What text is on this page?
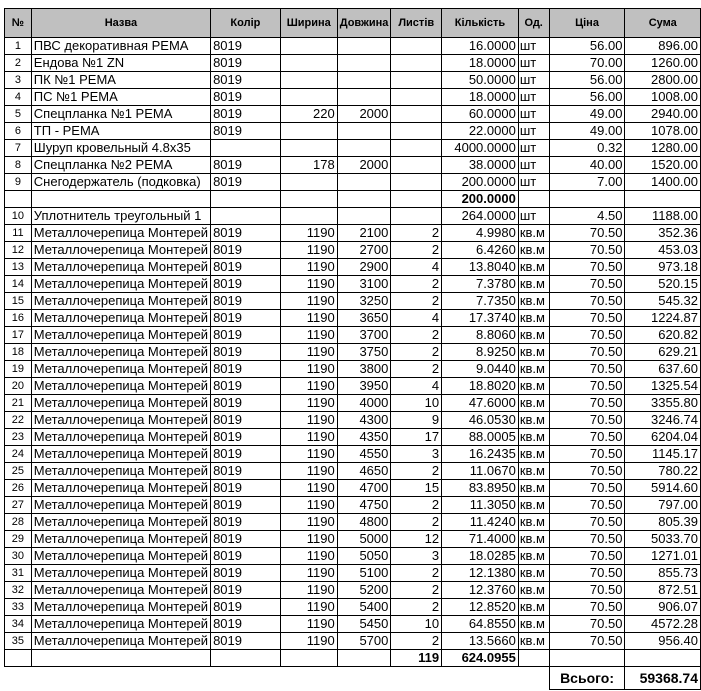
№	Назва	Колір	Ширина	Довжина	Листів	Кількість	Од.	Ціна	Сума
1	ПВС декоративная РЕМА	8019				16.0000	шт	56.00	896.00
2	Ендова №1 ZN	8019				18.0000	шт	70.00	1260.00
3	ПК №1 РЕМА	8019				50.0000	шт	56.00	2800.00
4	ПС №1 РЕМА	8019				18.0000	шт	56.00	1008.00
5	Спецпланка №1 РЕМА	8019	220	2000		60.0000	шт	49.00	2940.00
6	ТП - РЕМА	8019				22.0000	шт	49.00	1078.00
7	Шуруп кровельный 4.8x35					4000.0000	шт	0.32	1280.00
8	Спецпланка №2 РЕМА	8019	178	2000		38.0000	шт	40.00	1520.00
9	Снегодержатель (подковка)	8019				200.0000	шт	7.00	1400.00
						200.0000			
10	Уплотнитель треугольный 1					264.0000	шт	4.50	1188.00
11	Металлочерепица Монтерей	8019	1190	2100	2	4.9980	кв.м	70.50	352.36
12	Металлочерепица Монтерей	8019	1190	2700	2	6.4260	кв.м	70.50	453.03
13	Металлочерепица Монтерей	8019	1190	2900	4	13.8040	кв.м	70.50	973.18
14	Металлочерепица Монтерей	8019	1190	3100	2	7.3780	кв.м	70.50	520.15
15	Металлочерепица Монтерей	8019	1190	3250	2	7.7350	кв.м	70.50	545.32
16	Металлочерепица Монтерей	8019	1190	3650	4	17.3740	кв.м	70.50	1224.87
17	Металлочерепица Монтерей	8019	1190	3700	2	8.8060	кв.м	70.50	620.82
18	Металлочерепица Монтерей	8019	1190	3750	2	8.9250	кв.м	70.50	629.21
19	Металлочерепица Монтерей	8019	1190	3800	2	9.0440	кв.м	70.50	637.60
20	Металлочерепица Монтерей	8019	1190	3950	4	18.8020	кв.м	70.50	1325.54
21	Металлочерепица Монтерей	8019	1190	4000	10	47.6000	кв.м	70.50	3355.80
22	Металлочерепица Монтерей	8019	1190	4300	9	46.0530	кв.м	70.50	3246.74
23	Металлочерепица Монтерей	8019	1190	4350	17	88.0005	кв.м	70.50	6204.04
24	Металлочерепица Монтерей	8019	1190	4550	3	16.2435	кв.м	70.50	1145.17
25	Металлочерепица Монтерей	8019	1190	4650	2	11.0670	кв.м	70.50	780.22
26	Металлочерепица Монтерей	8019	1190	4700	15	83.8950	кв.м	70.50	5914.60
27	Металлочерепица Монтерей	8019	1190	4750	2	11.3050	кв.м	70.50	797.00
28	Металлочерепица Монтерей	8019	1190	4800	2	11.4240	кв.м	70.50	805.39
29	Металлочерепица Монтерей	8019	1190	5000	12	71.4000	кв.м	70.50	5033.70
30	Металлочерепица Монтерей	8019	1190	5050	3	18.0285	кв.м	70.50	1271.01
31	Металлочерепица Монтерей	8019	1190	5100	2	12.1380	кв.м	70.50	855.73
32	Металлочерепица Монтерей	8019	1190	5200	2	12.3760	кв.м	70.50	872.51
33	Металлочерепица Монтерей	8019	1190	5400	2	12.8520	кв.м	70.50	906.07
34	Металлочерепица Монтерей	8019	1190	5450	10	64.8550	кв.м	70.50	4572.28
35	Металлочерепица Монтерей	8019	1190	5700	2	13.5660	кв.м	70.50	956.40
					119	624.0955			
								Всього:	59368.74
